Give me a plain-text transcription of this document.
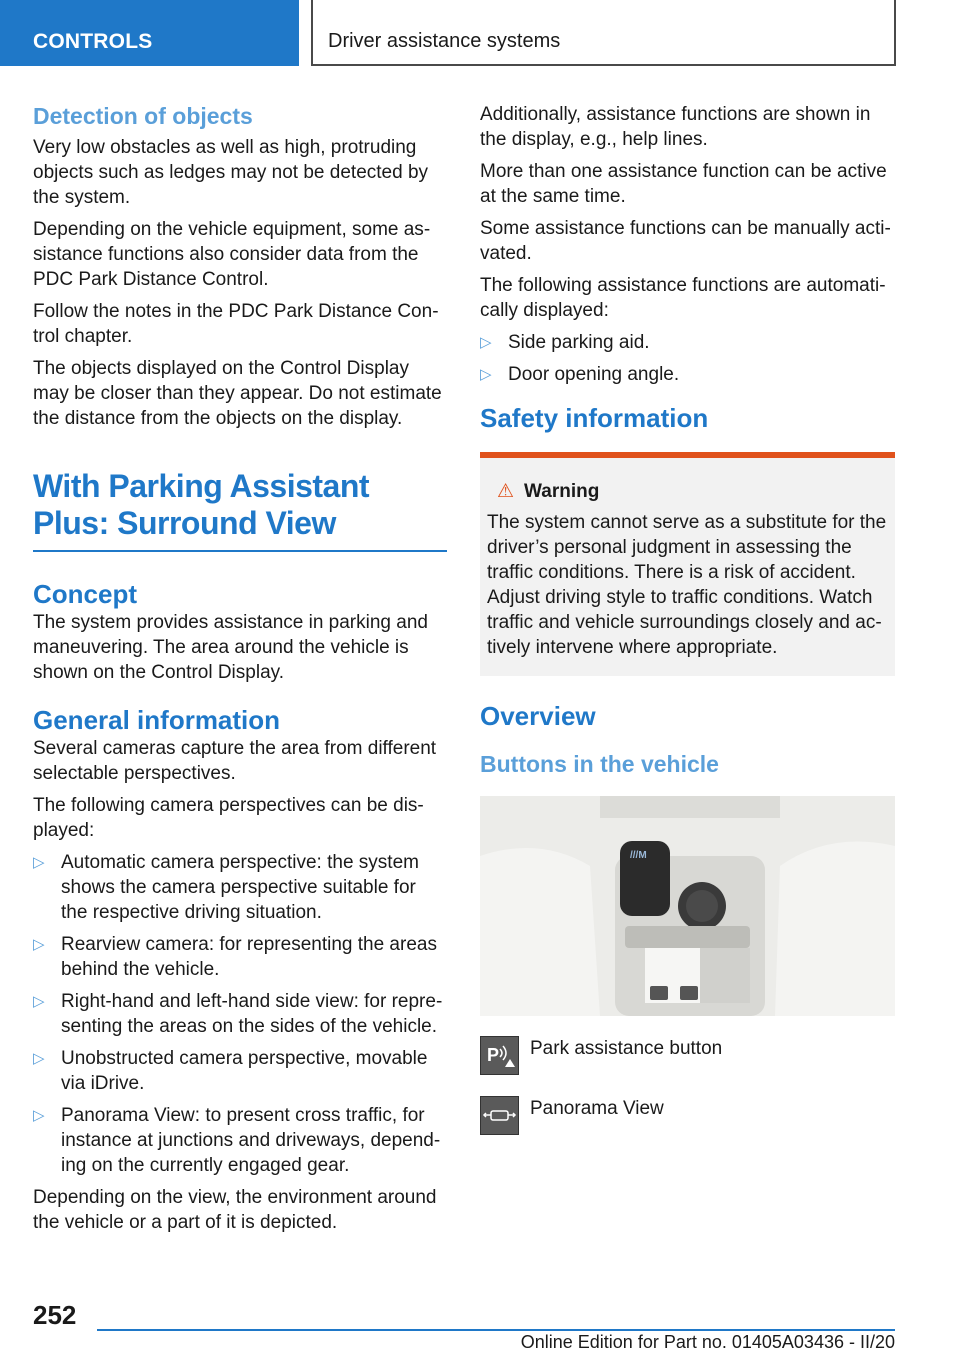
CONTROLS	Driver assistance systems
Detection of objects

Very low obstacles as well as high, protruding objects such as ledges may not be detected by the system.

Depending on the vehicle equipment, some assistance functions also consider data from the PDC Park Distance Control.

Follow the notes in the PDC Park Distance Control chapter.

The objects displayed on the Control Display may be closer than they appear. Do not estimate the distance from the objects on the display.

With Parking Assistant Plus: Surround View
Concept

The system provides assistance in parking and maneuvering. The area around the vehicle is shown on the Control Display.

General information

Several cameras capture the area from different selectable perspectives.

The following camera perspectives can be displayed:

▷ Automatic camera perspective: the system shows the camera perspective suitable for the respective driving situation.
▷ Rearview camera: for representing the areas behind the vehicle.
▷ Right-hand and left-hand side view: for representing the areas on the sides of the vehicle.
▷ Unobstructed camera perspective, movable via iDrive.
▷ Panorama View: to present cross traffic, for instance at junctions and driveways, depending on the currently engaged gear.

Depending on the view, the environment around the vehicle or a part of it is depicted.

Additionally, assistance functions are shown in the display, e.g., help lines.

More than one assistance function can be active at the same time.

Some assistance functions can be manually activated.

The following assistance functions are automatically displayed:

▷ Side parking aid.
▷ Door opening angle.
Safety information
⚠ Warning

The system cannot serve as a substitute for the driver’s personal judgment in assessing the traffic conditions. There is a risk of accident. Adjust driving style to traffic conditions. Watch traffic and vehicle surroundings closely and actively intervene where appropriate.

Overview
Buttons in the vehicle
///M
P Park assistance button
Panorama View
252
Online Edition for Part no. 01405A03436 - II/20
